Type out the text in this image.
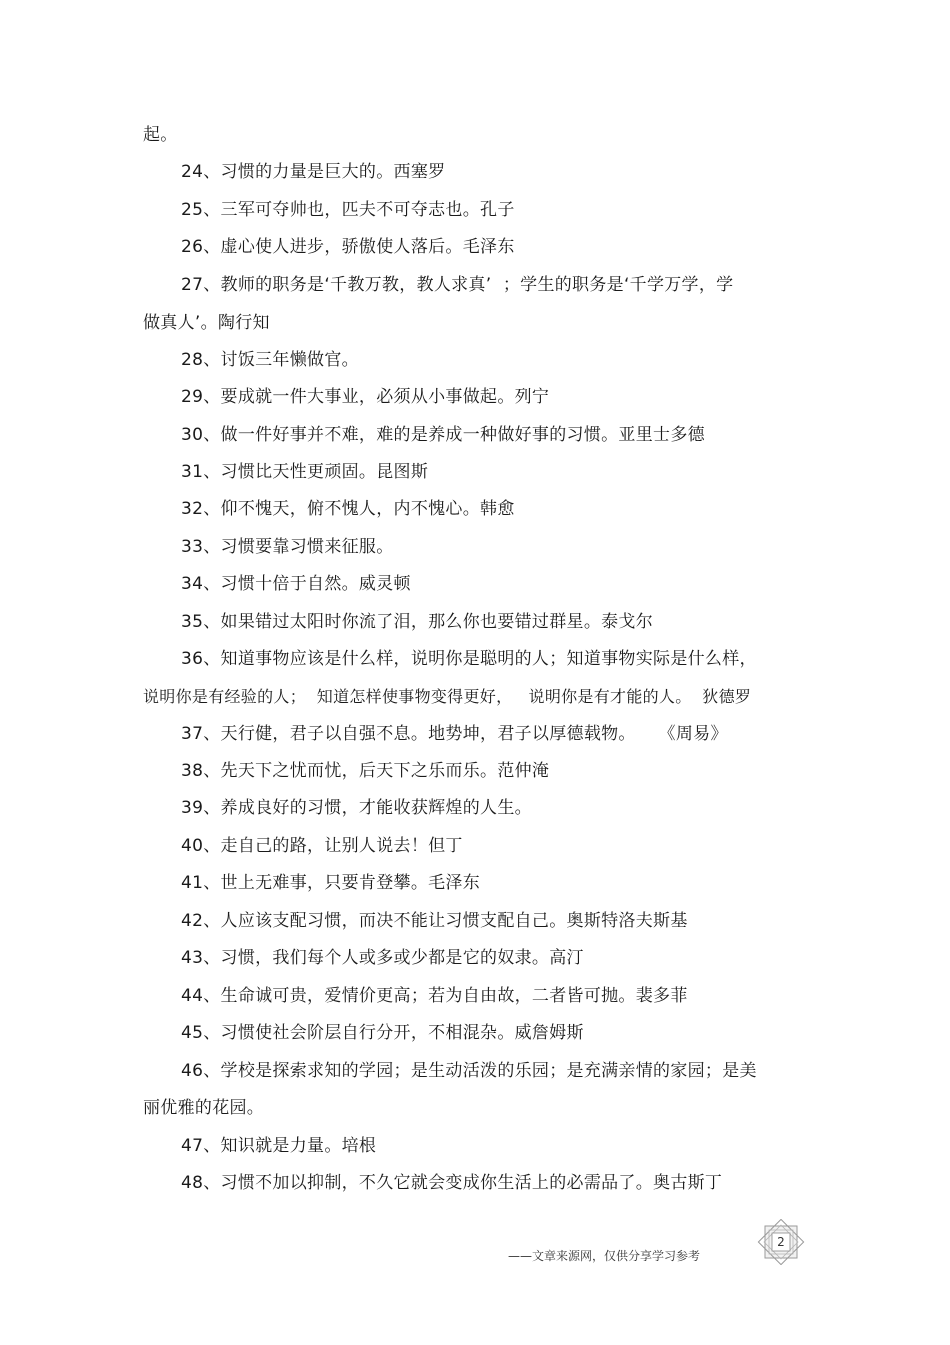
起。
24、习惯的力量是巨大的。西塞罗
25、三军可夺帅也，匹夫不可夺志也。孔子
26、虚心使人进步，骄傲使人落后。毛泽东
27、教师的职务是‘千教万教，教人求真’  ；学生的职务是‘千学万学，学
做真人’。陶行知
28、讨饭三年懒做官。
29、要成就一件大事业，必须从小事做起。列宁
30、做一件好事并不难，难的是养成一种做好事的习惯。亚里士多德
31、习惯比天性更顽固。昆图斯
32、仰不愧天，俯不愧人，内不愧心。韩愈
33、习惯要靠习惯来征服。
34、习惯十倍于自然。威灵顿
35、如果错过太阳时你流了泪，那么你也要错过群星。泰戈尔
36、知道事物应该是什么样，说明你是聪明的人；知道事物实际是什么样，
说明你是有经验的人；  知道怎样使事物变得更好，   说明你是有才能的人。  狄德罗
37、天行健，君子以自强不息。地势坤，君子以厚德载物。    《周易》
38、先天下之忧而忧，后天下之乐而乐。范仲淹
39、养成良好的习惯，才能收获辉煌的人生。
40、走自己的路，让别人说去！但丁
41、世上无难事，只要肯登攀。毛泽东
42、人应该支配习惯，而决不能让习惯支配自己。奥斯特洛夫斯基
43、习惯，我们每个人或多或少都是它的奴隶。高汀
44、生命诚可贵，爱情价更高；若为自由故，二者皆可抛。裴多菲
45、习惯使社会阶层自行分开，不相混杂。威詹姆斯
46、学校是探索求知的学园；是生动活泼的乐园；是充满亲情的家园；是美
丽优雅的花园。
47、知识就是力量。培根
48、习惯不加以抑制，不久它就会变成你生活上的必需品了。奥古斯丁
——文章来源网，仅供分享学习参考
2
